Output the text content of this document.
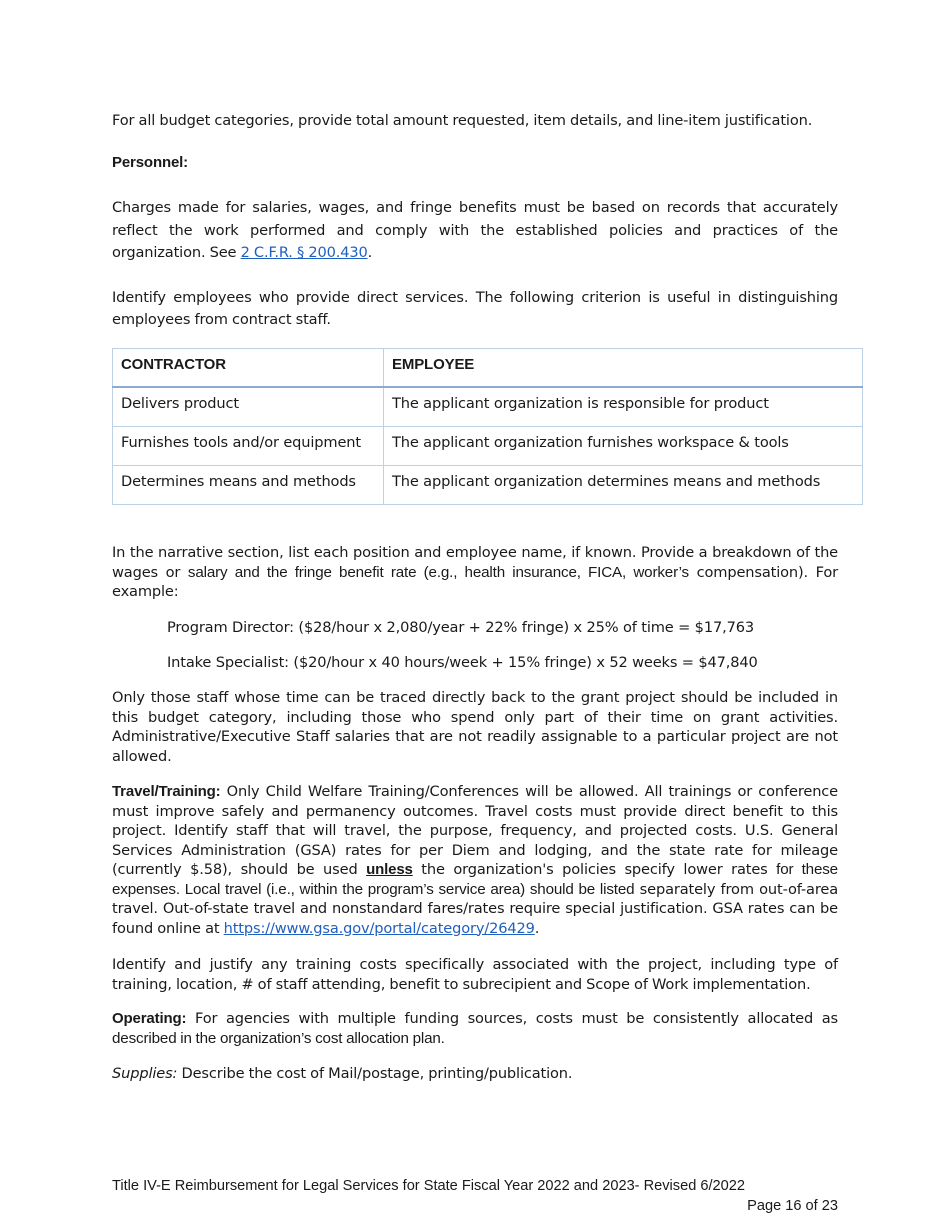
For all budget categories, provide total amount requested, item details, and line-item justification.

Personnel:

Charges made for salaries, wages, and fringe benefits must be based on records that accurately reflect the work performed and comply with the established policies and practices of the organization. See 2 C.F.R. § 200.430.

Identify employees who provide direct services. The following criterion is useful in distinguishing employees from contract staff.

CONTRACTOR	EMPLOYEE
Delivers product	The applicant organization is responsible for product
Furnishes tools and/or equipment	The applicant organization furnishes workspace & tools
Determines means and methods	The applicant organization determines means and methods

In the narrative section, list each position and employee name, if known. Provide a breakdown of the wages or salary and the fringe benefit rate (e.g., health insurance, FICA, worker’s compensation). For example:

Program Director: ($28/hour x 2,080/year + 22% fringe) x 25% of time = $17,763
Intake Specialist: ($20/hour x 40 hours/week + 15% fringe) x 52 weeks = $47,840

Only those staff whose time can be traced directly back to the grant project should be included in this budget category, including those who spend only part of their time on grant activities. Administrative/Executive Staff salaries that are not readily assignable to a particular project are not allowed.

Travel/Training: Only Child Welfare Training/Conferences will be allowed. All trainings or conference must improve safely and permanency outcomes. Travel costs must provide direct benefit to this project. Identify staff that will travel, the purpose, frequency, and projected costs. U.S. General Services Administration (GSA) rates for per Diem and lodging, and the state rate for mileage (currently $.58), should be used unless the organization's policies specify lower rates for these expenses. Local travel (i.e., within the program’s service area) should be listed separately from out-of-area travel. Out-of-state travel and nonstandard fares/rates require special justification. GSA rates can be found online at https://www.gsa.gov/portal/category/26429.

Identify and justify any training costs specifically associated with the project, including type of training, location, # of staff attending, benefit to subrecipient and Scope of Work implementation.

Operating: For agencies with multiple funding sources, costs must be consistently allocated as described in the organization’s cost allocation plan.

Supplies: Describe the cost of Mail/postage, printing/publication.

Title IV-E Reimbursement for Legal Services for State Fiscal Year 2022 and 2023- Revised 6/2022
Page 16 of 23
